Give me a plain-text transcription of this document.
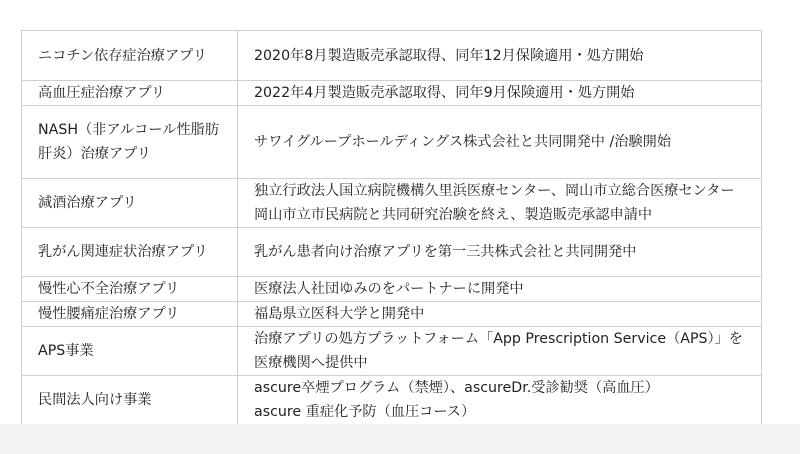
ニコチン依存症治療アプリ	2020年8月製造販売承認取得、同年12月保険適用・処方開始
高血圧症治療アプリ	2022年4月製造販売承認取得、同年9月保険適用・処方開始
NASH（非アルコール性脂肪肝炎）治療アプリ	サワイグループホールディングス株式会社と共同開発中 /治験開始
減酒治療アプリ	独立行政法人国立病院機構久里浜医療センター、岡山市立総合医療センター 岡山市立市民病院と共同研究治験を終え、製造販売承認申請中
乳がん関連症状治療アプリ	乳がん患者向け治療アプリを第一三共株式会社と共同開発中
慢性心不全治療アプリ	医療法人社団ゆみのをパートナーに開発中
慢性腰痛症治療アプリ	福島県立医科大学と開発中
APS事業	治療アプリの処方プラットフォーム「App Prescription Service（APS）」を医療機関へ提供中
民間法人向け事業	ascure卒煙プログラム（禁煙）、ascureDr.受診勧奨（高血圧）
ascure 重症化予防（血圧コース）
